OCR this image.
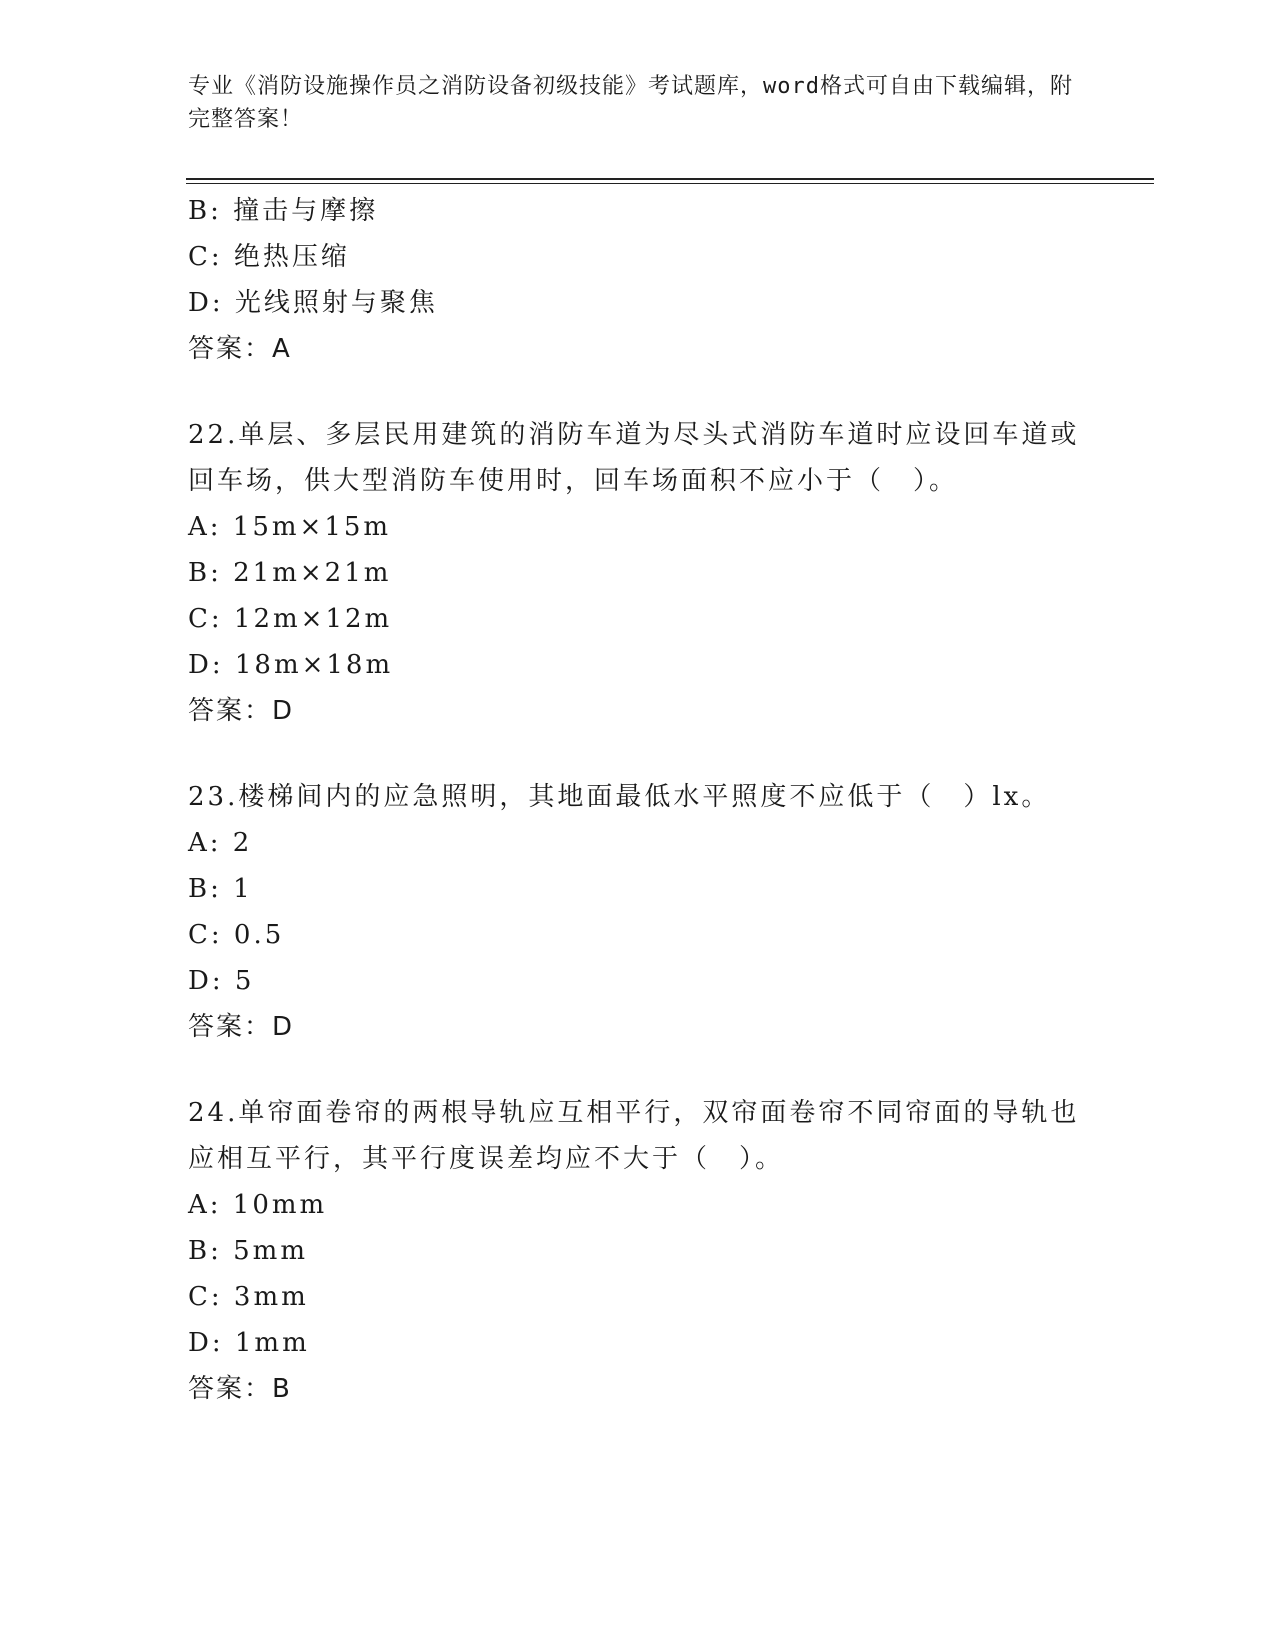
专业《消防设施操作员之消防设备初级技能》考试题库，word格式可自由下载编辑，附完整答案！
B: 撞击与摩擦
C: 绝热压缩
D: 光线照射与聚焦
答案：A
22.单层、多层民用建筑的消防车道为尽头式消防车道时应设回车道或
回车场，供大型消防车使用时，回车场面积不应小于（　）。
A: 15m×15m
B: 21m×21m
C: 12m×12m
D: 18m×18m
答案：D
23.楼梯间内的应急照明，其地面最低水平照度不应低于（　）lx。
A: 2
B: 1
C: 0.5
D: 5
答案：D
24.单帘面卷帘的两根导轨应互相平行，双帘面卷帘不同帘面的导轨也
应相互平行，其平行度误差均应不大于（　）。
A: 10mm
B: 5mm
C: 3mm
D: 1mm
答案：B
